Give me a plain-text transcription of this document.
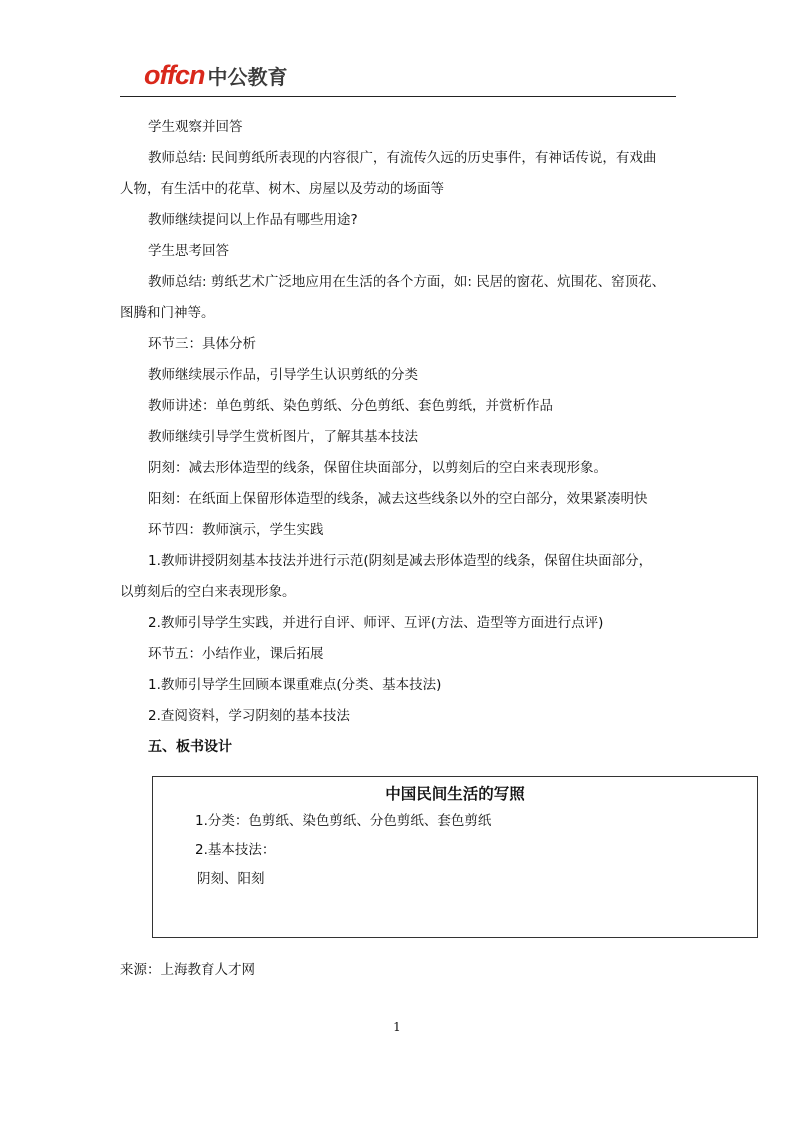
offcn 中公教育

学生观察并回答

教师总结: 民间剪纸所表现的内容很广，有流传久远的历史事件，有神话传说，有戏曲

人物，有生活中的花草、树木、房屋以及劳动的场面等

教师继续提问以上作品有哪些用途?

学生思考回答

教师总结: 剪纸艺术广泛地应用在生活的各个方面，如: 民居的窗花、炕围花、窑顶花、

图腾和门神等。

环节三：具体分析

教师继续展示作品，引导学生认识剪纸的分类

教师讲述：单色剪纸、染色剪纸、分色剪纸、套色剪纸，并赏析作品

教师继续引导学生赏析图片，了解其基本技法

阴刻：减去形体造型的线条，保留住块面部分，以剪刻后的空白来表现形象。

阳刻：在纸面上保留形体造型的线条，减去这些线条以外的空白部分，效果紧凑明快

环节四：教师演示，学生实践

1.教师讲授阴刻基本技法并进行示范(阴刻是减去形体造型的线条，保留住块面部分，

以剪刻后的空白来表现形象。

2.教师引导学生实践，并进行自评、师评、互评(方法、造型等方面进行点评)

环节五：小结作业，课后拓展

1.教师引导学生回顾本课重难点(分类、基本技法)

2.查阅资料，学习阴刻的基本技法

五、板书设计

中国民间生活的写照
1.分类：色剪纸、染色剪纸、分色剪纸、套色剪纸
2.基本技法：
阴刻、阳刻
来源：上海教育人才网
1
